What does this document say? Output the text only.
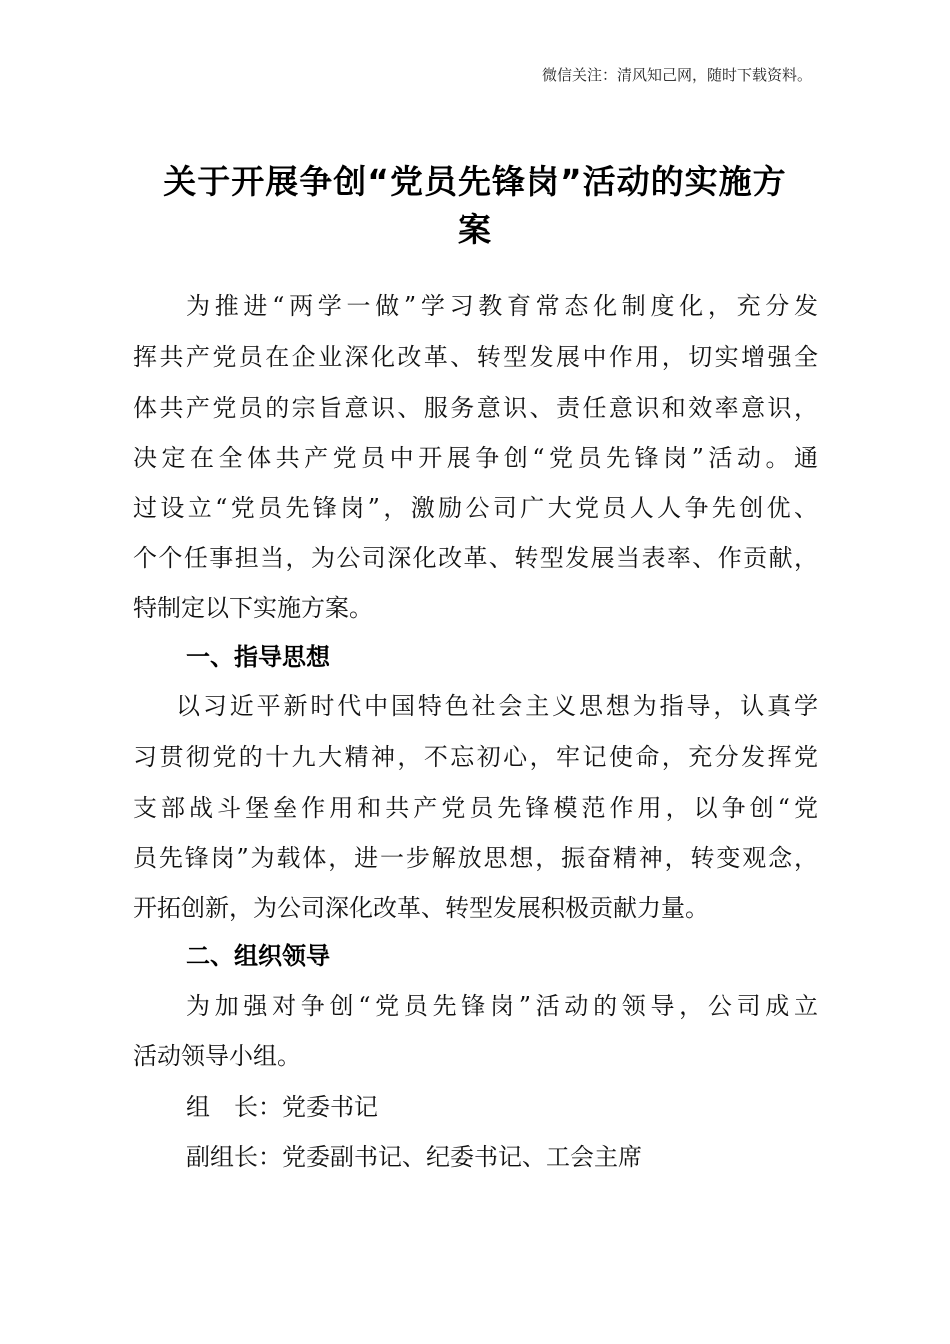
微信关注：清风知己网，随时下载资料。
关于开展争创“党员先锋岗”活动的实施方
案
为推进“两学一做”学习教育常态化制度化，充分发
挥共产党员在企业深化改革、转型发展中作用，切实增强全
体共产党员的宗旨意识、服务意识、责任意识和效率意识，
决定在全体共产党员中开展争创“党员先锋岗”活动。通
过设立“党员先锋岗”，激励公司广大党员人人争先创优、
个个任事担当，为公司深化改革、转型发展当表率、作贡献，
特制定以下实施方案。
一、指导思想
以习近平新时代中国特色社会主义思想为指导，认真学
习贯彻党的十九大精神，不忘初心，牢记使命，充分发挥党
支部战斗堡垒作用和共产党员先锋模范作用，以争创“党
员先锋岗”为载体，进一步解放思想，振奋精神，转变观念，
开拓创新，为公司深化改革、转型发展积极贡献力量。
二、组织领导
为加强对争创“党员先锋岗”活动的领导，公司成立
活动领导小组。
组　长：党委书记
副组长：党委副书记、纪委书记、工会主席
